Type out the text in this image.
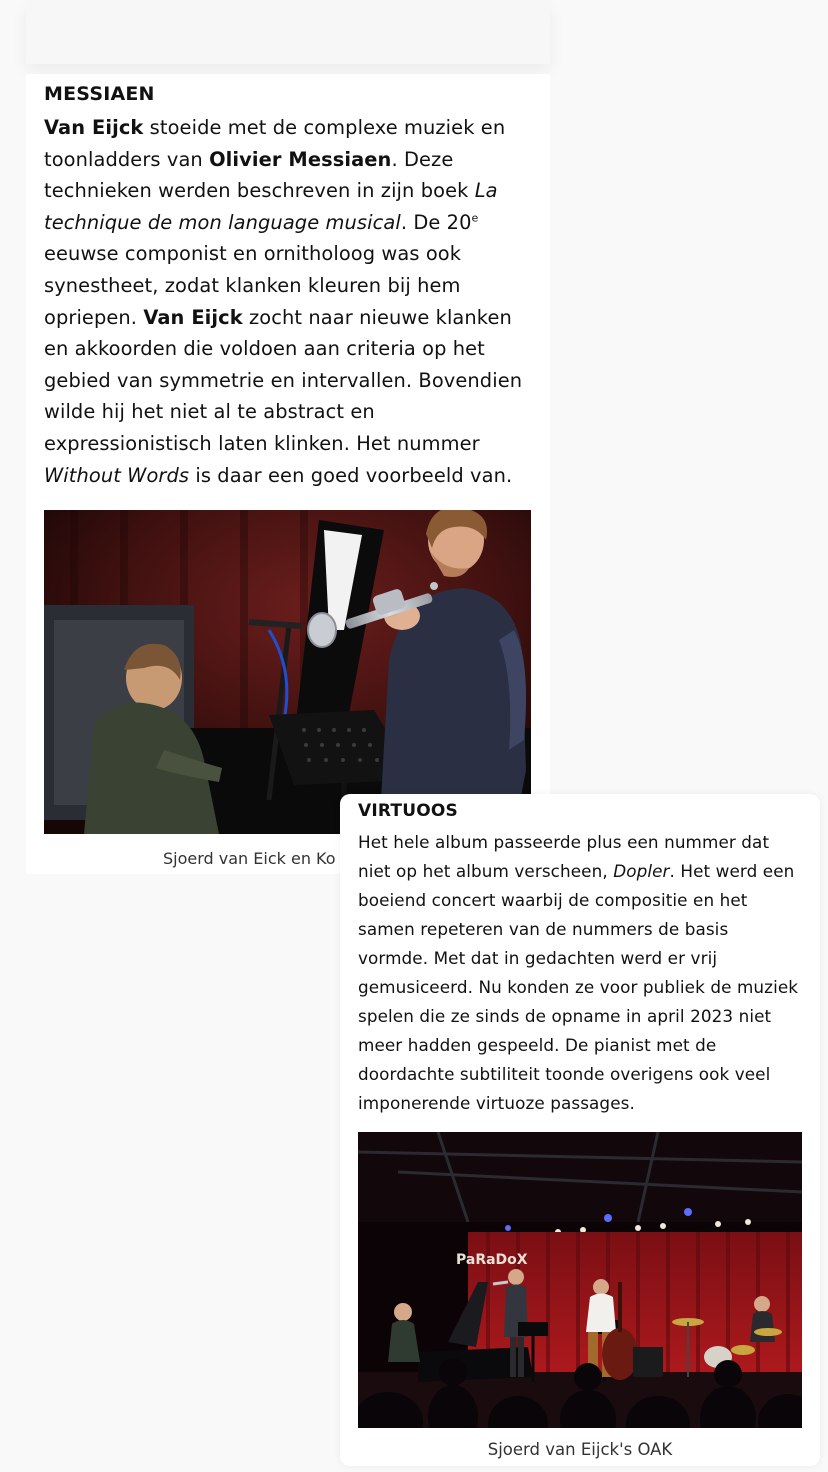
MESSIAEN

Van Eijck stoeide met de complexe muziek en toonladders van Olivier Messiaen. Deze technieken werden beschreven in zijn boek La technique de mon language musical. De 20e eeuwse componist en ornitholoog was ook synestheet, zodat klanken kleuren bij hem opriepen. Van Eijck zocht naar nieuwe klanken en akkoorden die voldoen aan criteria op het gebied van symmetrie en intervallen. Bovendien wilde hij het niet al te abstract en expressionistisch laten klinken. Het nummer Without Words is daar een goed voorbeeld van.

Sjoerd van Eick en Ko
VIRTUOOS

Het hele album passeerde plus een nummer dat niet op het album verscheen, Dopler. Het werd een boeiend concert waarbij de compositie en het samen repeteren van de nummers de basis vormde. Met dat in gedachten werd er vrij gemusiceerd. Nu konden ze voor publiek de muziek spelen die ze sinds de opname in april 2023 niet meer hadden gespeeld. De pianist met de doordachte subtiliteit toonde overigens ook veel imponerende virtuoze passages.

PaRaDoX
Sjoerd van Eijck's OAK
